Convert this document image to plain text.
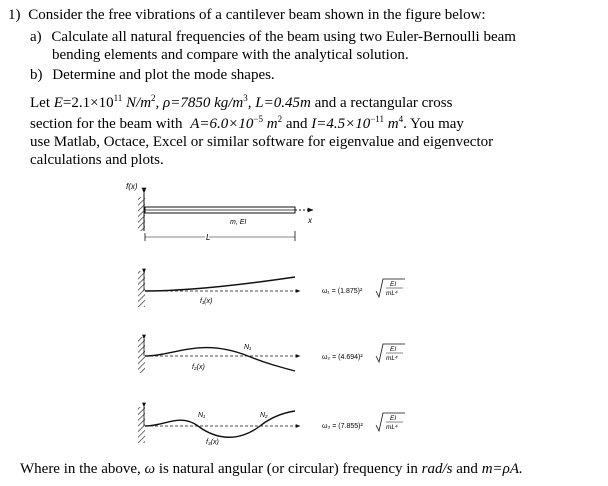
1) Consider the free vibrations of a cantilever beam shown in the figure below:
a) Calculate all natural frequencies of the beam using two Euler-Bernoulli beam
bending elements and compare with the analytical solution.
b) Determine and plot the mode shapes.
Let $E=2.1\times 10^{11}$ $N/m^2$, ρ=7850 $kg/m^3$, L=0.45m and a rectangular cross
section for the beam with $A=6.0\times 10^{-5}$ $m^2$ and $I=4.5\times 10^{-11}$ $m^4$. You may
use Matlab, Octace, Excel or similar software for eigenvalue and eigenvector
calculations and plots.
f(x)
m, EI	x
L
f₁(x)
ω₁ = (1.875)²
EI
mL⁴
N₁
f₂(x)
ω₂ = (4.694)²
EI
mL⁴
N₁	N₂
f₃(x)
ω₃ = (7.855)²
EI
mL⁴
Where in the above, ω is natural angular (or circular) frequency in rad/s and m=ρA.
